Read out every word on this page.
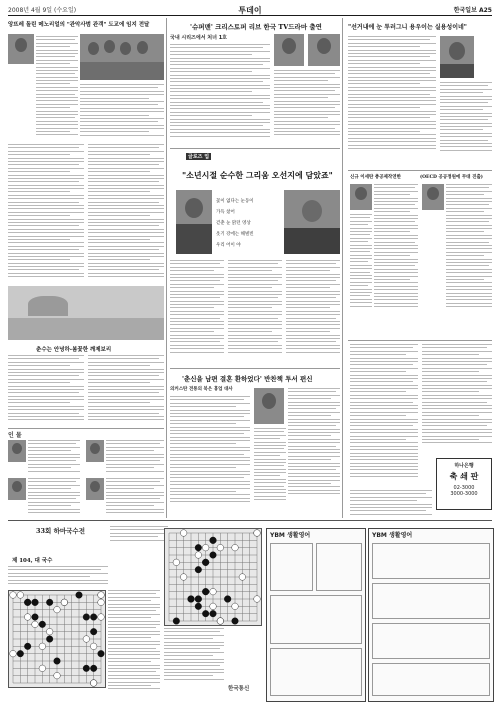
2008년 4월 9일 (수요일)	투데이	한국일보 A25
앙뜨레 돌린 메노리얼의 "관악사범 관객" 도교에 임지 전달
춘수는 안녕하-봄꽃한 깨제보리
인 물
'슈퍼맨' 크리스토퍼 리브 한국 TV드라마 출연
국내 시리즈에서 처녀 1호
글로즈 업
"소년시절 순수한 그리움 오선지에 담았죠"
꽃이 없다는 눈동이
가득 찼어
걷춘 눈 맑던 영상
옷기 강에는 해벌빈
우리 어이 야
'춘신을 남편 결혼 환하었다' 반찬책 투서 편신
의커스탄 전통의 북은 홍업 대사
"선거내에 눈 투러그니 용우이는 실용성이네"
신규 이세탄 총공제작연한	(OECD 공공정원에 무대 진출)
하나은행
축 쇄 판
02-3000
3000-3000
33회 하마국수전
제 104, 대 국수
한국통신
YBM 생활영어	YBM 생활영어
